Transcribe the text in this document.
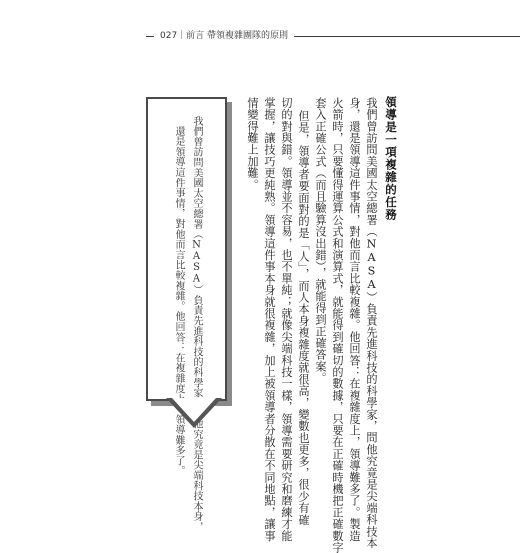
027｜前言 帶領複雜團隊的原則
領導是一項複雜的任務
我們曾訪問美國太空總署（NASA）負責先進科技的科學家，問他究竟是尖端科技本
身，還是領導這件事情，對他而言比較複雜。他回答：在複雜度上，領導難多了。製造
火箭時，只要懂得運算公式和演算式，就能得到確切的數據，只要在正確時機把正確數字
套入正確公式（而且驗算沒出錯），就能得到正確答案。
但是，領導者要面對的是「人」，而人本身複雜度就很高，變數也更多，很少有確
切的對與錯。領導並不容易，也不單純；就像尖端科技一樣，領導需要研究和磨練才能
掌握，讓技巧更純熟。領導這件事本身就很複雜，加上被領導者分散在不同地點，讓事
情變得難上加難。
我們曾訪問美國太空總署（NASA）負責先進科技的科學家，問他究竟是尖端科技本身，
還是領導這件事情，對他而言比較複雜。他回答：在複雜度上，領導難多了。
